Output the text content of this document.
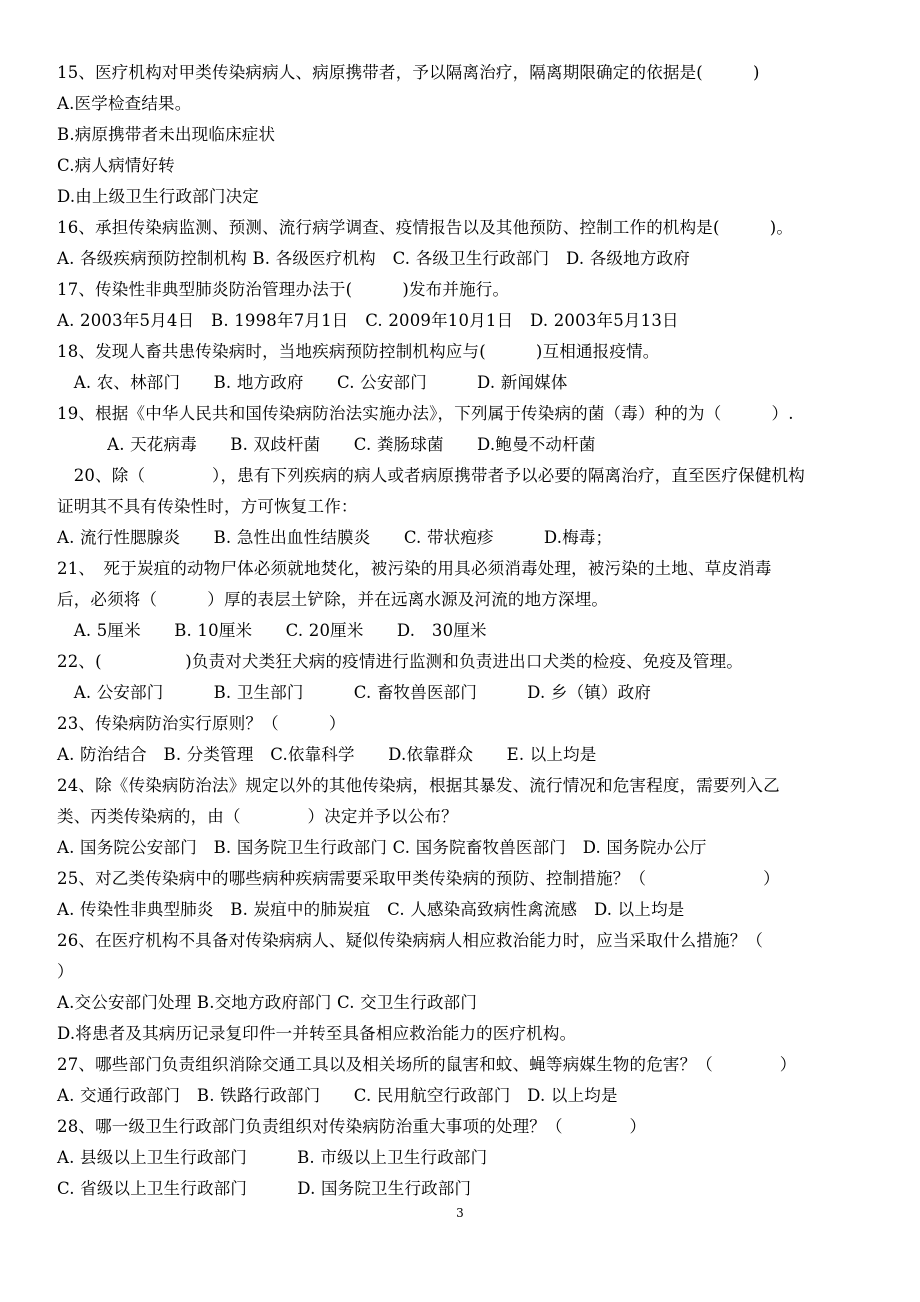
15、医疗机构对甲类传染病病人、病原携带者，予以隔离治疗，隔离期限确定的依据是(　　　)
A.医学检查结果。
B.病原携带者未出现临床症状
C.病人病情好转
D.由上级卫生行政部门决定
16、承担传染病监测、预测、流行病学调查、疫情报告以及其他预防、控制工作的机构是(　　　)。
A. 各级疾病预防控制机构 B. 各级医疗机构　C. 各级卫生行政部门　D. 各级地方政府
17、传染性非典型肺炎防治管理办法于(　　　)发布并施行。
A. 2003年5月4日　B. 1998年7月1日　C. 2009年10月1日　D. 2003年5月13日
18、发现人畜共患传染病时，当地疾病预防控制机构应与(　　　)互相通报疫情。
　A. 农、林部门　　B. 地方政府　　C. 公安部门　　　D. 新闻媒体
19、根据《中华人民共和国传染病防治法实施办法》，下列属于传染病的菌（毒）种的为（　　　）.
　　　A. 天花病毒　　B. 双歧杆菌　　C. 粪肠球菌　　D.鲍曼不动杆菌
　20、除（　　　　），患有下列疾病的病人或者病原携带者予以必要的隔离治疗，直至医疗保健机构
证明其不具有传染性时，方可恢复工作：
A. 流行性腮腺炎　　B. 急性出血性结膜炎　　C. 带状疱疹　　　D.梅毒；
21、　死于炭疽的动物尸体必须就地焚化，被污染的用具必须消毒处理，被污染的土地、草皮消毒
后，必须将（　　　）厚的表层土铲除，并在远离水源及河流的地方深埋。
　A. 5厘米　　B. 10厘米　　C. 20厘米　　D.　30厘米
22、(　　　　　)负责对犬类狂犬病的疫情进行监测和负责进出口犬类的检疫、免疫及管理。
　A. 公安部门　　　B. 卫生部门　　　C. 畜牧兽医部门　　　D. 乡（镇）政府
23、传染病防治实行原则？（　　　）
A. 防治结合　B. 分类管理　C.依靠科学　　D.依靠群众　　E. 以上均是
24、除《传染病防治法》规定以外的其他传染病，根据其暴发、流行情况和危害程度，需要列入乙
类、丙类传染病的，由（　　　　）决定并予以公布？
A. 国务院公安部门　B. 国务院卫生行政部门 C. 国务院畜牧兽医部门　D. 国务院办公厅
25、对乙类传染病中的哪些病种疾病需要采取甲类传染病的预防、控制措施？（　　　　　　　）
A. 传染性非典型肺炎　B. 炭疽中的肺炭疽　C. 人感染高致病性禽流感　D. 以上均是
26、在医疗机构不具备对传染病病人、疑似传染病病人相应救治能力时，应当采取什么措施？（
）
A.交公安部门处理 B.交地方政府部门 C. 交卫生行政部门
D.将患者及其病历记录复印件一并转至具备相应救治能力的医疗机构。
27、哪些部门负责组织消除交通工具以及相关场所的鼠害和蚊、蝇等病媒生物的危害？（　　　　）
A. 交通行政部门　B. 铁路行政部门　　C. 民用航空行政部门　D. 以上均是
28、哪一级卫生行政部门负责组织对传染病防治重大事项的处理？（　　　　）
A. 县级以上卫生行政部门　　　B. 市级以上卫生行政部门
C. 省级以上卫生行政部门　　　D. 国务院卫生行政部门
3
